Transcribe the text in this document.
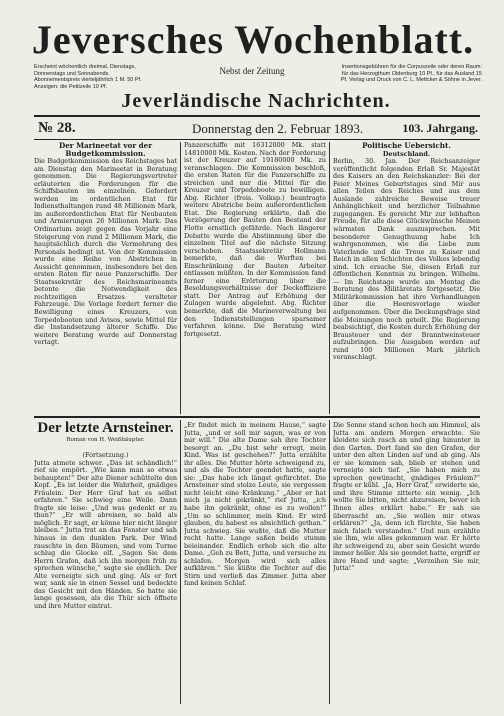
Jeversches Wochenblatt.
Erscheint wöchentlich dreimal, Dienstags, Donnerstags und Sonnabends. Abonnementspreis vierteljährlich 1 M. 50 Pf. Anzeigen: die Petitzeile 10 Pf.
Nebst der Zeitung	Insertionsgebühren für die Corpuszeile oder deren Raum: für das Herzogthum Oldenburg 10 Pf., für das Ausland 15 Pf. Verlag und Druck von C. L. Mettcker & Söhne in Jever.
Jeverländische Nachrichten.
№ 28.	Donnerstag den 2. Februar 1893.	103. Jahrgang.

Der Marineetat vor der Budgetkommission.

Die Budgetkommission des Reichstages hat am Dienstag den Marineetat in Beratung genommen. Die Regierungsvertreter erläuterten die Forderungen für die Schiffsbauten im einzelnen. Gefordert werden im ordentlichen Etat für Indiensthaltungen rund 48 Millionen Mark, im außerordentlichen Etat für Neubauten und Armierungen 26 Millionen Mark. Das Ordinarium zeigt gegen das Vorjahr eine Steigerung von rund 2 Millionen Mark, die hauptsächlich durch die Vermehrung des Personals bedingt ist. Von der Kommission wurde eine Reihe von Abstrichen in Aussicht genommen, insbesondere bei den ersten Raten für neue Panzerschiffe. Der Staatssekretär des Reichsmarineamts betonte die Notwendigkeit des rechtzeitigen Ersatzes veralteter Fahrzeuge. Die Vorlage fordert ferner die Bewilligung eines Kreuzers, von Torpedobooten und Avisos, sowie Mittel für die Instandsetzung älterer Schiffe. Die weitere Beratung wurde auf Donnerstag vertagt.

Panzerschiffe mit 16312000 Mk. statt 14810000 Mk. Kosten. Nach der Forderung ist der Kreuzer auf 19180000 Mk. zu veranschlagen. Die Kommission beschloß, die ersten Raten für die Panzerschiffe zu streichen und nur die Mittel für die Kreuzer und Torpedoboote zu bewilligen. Abg. Richter (freis. Volksp.) beantragte weitere Abstriche beim außerordentlichen Etat. Die Regierung erklärte, daß die Verzögerung der Bauten den Bestand der Flotte ernstlich gefährde. Nach längerer Debatte wurde die Abstimmung über die einzelnen Titel auf die nächste Sitzung verschoben. Staatssekretär Hollmann bemerkte, daß die Werften bei Einschränkung der Bauten Arbeiter entlassen müßten. In der Kommission fand ferner eine Erörterung über die Besoldungsverhältnisse der Deckoffiziere statt. Der Antrag auf Erhöhung der Zulagen wurde abgelehnt. Abg. Richter bemerkte, daß die Marineverwaltung bei den Indienststellungen sparsamer verfahren könne. Die Beratung wird fortgesetzt.

Politische Uebersicht.

Deutschland.

Berlin, 30. Jan. Der Reichsanzeiger veröffentlicht folgenden Erlaß Sr. Majestät des Kaisers an den Reichskanzler: Bei der Feier Meines Geburtstages sind Mir aus allen Teilen des Reiches und aus dem Auslande zahlreiche Beweise treuer Anhänglichkeit und herzlicher Teilnahme zugegangen. Es gereicht Mir zur lebhaften Freude, für alle diese Glückwünsche Meinen wärmsten Dank auszusprechen. Mit besonderer Genugthuung habe Ich wahrgenommen, wie die Liebe zum Vaterlande und die Treue zu Kaiser und Reich in allen Schichten des Volkes lebendig sind. Ich ersuche Sie, diesen Erlaß zur öffentlichen Kenntnis zu bringen. Wilhelm. — Im Reichstage wurde am Montag die Beratung des Militäretats fortgesetzt. Die Militärkommission hat ihre Verhandlungen über die Heeresvorlage wieder aufgenommen. Über die Deckungsfrage sind die Meinungen noch geteilt. Die Regierung beabsichtigt, die Kosten durch Erhöhung der Brausteuer und der Branntweinsteuer aufzubringen. Die Ausgaben werden auf rund 100 Millionen Mark jährlich veranschlagt.

Der letzte Arnsteiner.
Roman von H. Weißhäupter.

(Fortsetzung.)

Jutta atmete schwer. „Das ist schändlich!“ rief sie empört. „Wie kann man so etwas behaupten!“ Der alte Diener schüttelte den Kopf. „Es ist leider die Wahrheit, gnädiges Fräulein. Der Herr Graf hat es selbst erfahren.“ Sie schwieg eine Weile. Dann fragte sie leise: „Und was gedenkt er zu thun?“ „Er will abreisen, so bald als möglich. Er sagt, er könne hier nicht länger bleiben.“ Jutta trat an das Fenster und sah hinaus in den dunklen Park. Der Wind rauschte in den Bäumen, und vom Turme schlug die Glocke elf. „Sagen Sie dem Herrn Grafen, daß ich ihn morgen früh zu sprechen wünsche,“ sagte sie endlich. Der Alte verneigte sich und ging. Als er fort war, sank sie in einen Sessel und bedeckte das Gesicht mit den Händen. So hatte sie lange gesessen, als die Thür sich öffnete und ihre Mutter eintrat.

„Er findet mich in meinem Hause,“ sagte Jutta, „und er soll mir sagen, was er von mir will.“ Die alte Dame sah ihre Tochter besorgt an. „Du bist sehr erregt, mein Kind. Was ist geschehen?“ Jutta erzählte ihr alles. Die Mutter hörte schweigend zu, und als die Tochter geendet hatte, sagte sie: „Das habe ich längst gefürchtet. Die Arnsteiner sind stolze Leute, sie vergessen nicht leicht eine Kränkung.“ „Aber er hat mich ja nicht gekränkt,“ rief Jutta, „ich habe ihn gekränkt, ohne es zu wollen!“ „Um so schlimmer, mein Kind. Er wird glauben, du habest es absichtlich gethan.“ Jutta schwieg. Sie wußte, daß die Mutter recht hatte. Lange saßen beide stumm beieinander. Endlich erhob sich die alte Dame. „Geh zu Bett, Jutta, und versuche zu schlafen. Morgen wird sich alles aufklären.“ Sie küßte die Tochter auf die Stirn und verließ das Zimmer. Jutta aber fand keinen Schlaf.

Die Sonne stand schon hoch am Himmel, als Jutta am andern Morgen erwachte. Sie kleidete sich rasch an und ging hinunter in den Garten. Dort fand sie den Grafen, der unter den alten Linden auf und ab ging. Als er sie kommen sah, blieb er stehen und verneigte sich tief. „Sie haben mich zu sprechen gewünscht, gnädiges Fräulein?“ fragte er kühl. „Ja, Herr Graf,“ erwiderte sie, und ihre Stimme zitterte ein wenig. „Ich wollte Sie bitten, nicht abzureisen, bevor ich Ihnen alles erklärt habe.“ Er sah sie überrascht an. „Sie wollen mir etwas erklären?“ „Ja, denn ich fürchte, Sie haben mich falsch verstanden.“ Und nun erzählte sie ihm, wie alles gekommen war. Er hörte ihr schweigend zu, aber sein Gesicht wurde immer heller. Als sie geendet hatte, ergriff er ihre Hand und sagte: „Verzeihen Sie mir, Jutta!“
